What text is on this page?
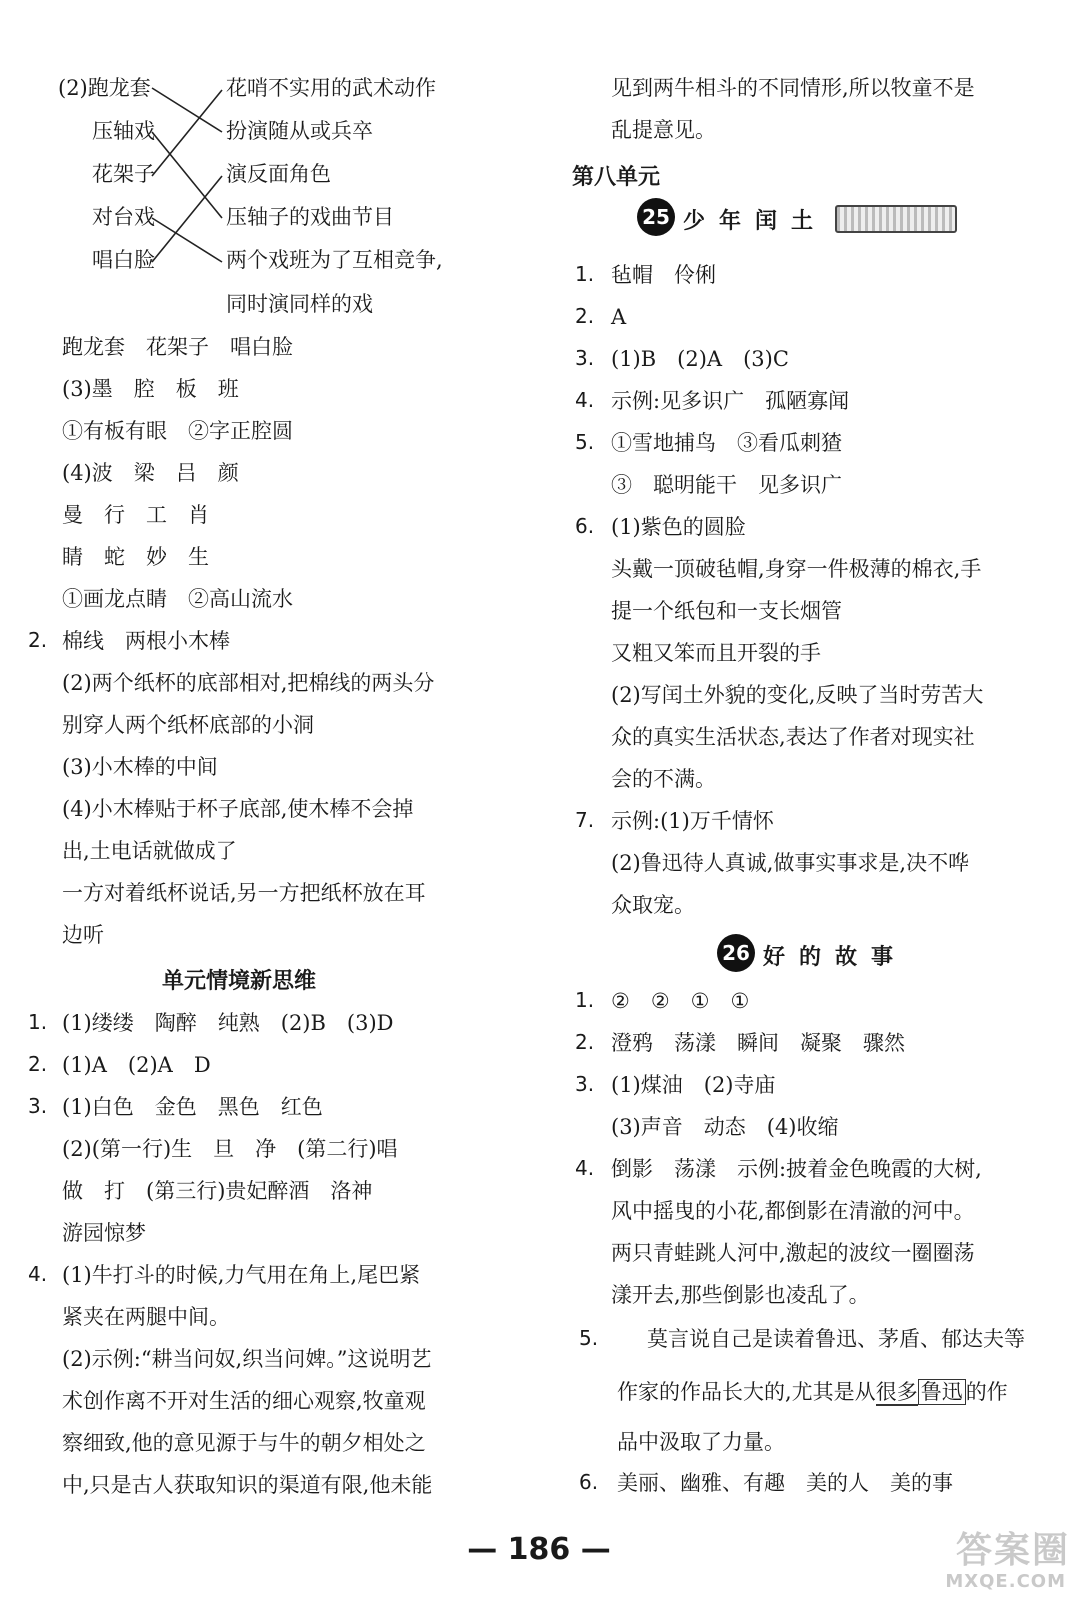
(2)跑龙套
压轴戏
花架子
对台戏
唱白脸
花哨不实用的武术动作
扮演随从或兵卒
演反面角色
压轴子的戏曲节目
两个戏班为了互相竞争,
同时演同样的戏
跑龙套　花架子　唱白脸
(3)墨　腔　板　班
①有板有眼　②字正腔圆
(4)波　梁　吕　颜
曼　行　工　肖
睛　蛇　妙　生
①画龙点睛　②高山流水
2. 棉线　两根小木棒
(2)两个纸杯的底部相对,把棉线的两头分
别穿人两个纸杯底部的小洞
(3)小木棒的中间
(4)小木棒贴于杯子底部,使木棒不会掉
出,土电话就做成了
一方对着纸杯说话,另一方把纸杯放在耳
边听
单元情境新思维
1. (1)缕缕　陶醉　纯熟　(2)B　(3)D
2. (1)A　(2)A　D
3. (1)白色　金色　黑色　红色
(2)(第一行)生　旦　净　(第二行)唱
做　打　(第三行)贵妃醉酒　洛神
游园惊梦
4. (1)牛打斗的时候,力气用在角上,尾巴紧
紧夹在两腿中间。
(2)示例:“耕当问奴,织当问婢。”这说明艺
术创作离不开对生活的细心观察,牧童观
察细致,他的意见源于与牛的朝夕相处之
中,只是古人获取知识的渠道有限,他未能
见到两牛相斗的不同情形,所以牧童不是
乱提意见。
第八单元
25 少年闰土
1. 毡帽　伶俐
2. A
3. (1)B　(2)A　(3)C
4. 示例:见多识广　孤陋寡闻
5. ①雪地捕鸟　③看瓜刺猹
③　聪明能干　见多识广
6. (1)紫色的圆脸
头戴一顶破毡帽,身穿一件极薄的棉衣,手
提一个纸包和一支长烟管
又粗又笨而且开裂的手
(2)写闰土外貌的变化,反映了当时劳苦大
众的真实生活状态,表达了作者对现实社
会的不满。
7. 示例:(1)万千情怀
(2)鲁迅待人真诚,做事实事求是,决不哗
众取宠。
26 好的故事
1. ②　②　①　①
2. 澄鸦　荡漾　瞬间　凝聚　骤然
3. (1)煤油　(2)寺庙
(3)声音　动态　(4)收缩
4. 倒影　荡漾　示例:披着金色晚霞的大树,
风中摇曳的小花,都倒影在清澈的河中。
两只青蛙跳人河中,激起的波纹一圈圈荡
漾开去,那些倒影也凌乱了。
5. 莫言说自己是读着鲁迅、茅盾、郁达夫等
作家的作品长大的,尤其是从很多 鲁迅 的作
品中汲取了力量。
6. 美丽、幽雅、有趣　美的人　美的事
— 186 —	答案圈
MXQE.COM
